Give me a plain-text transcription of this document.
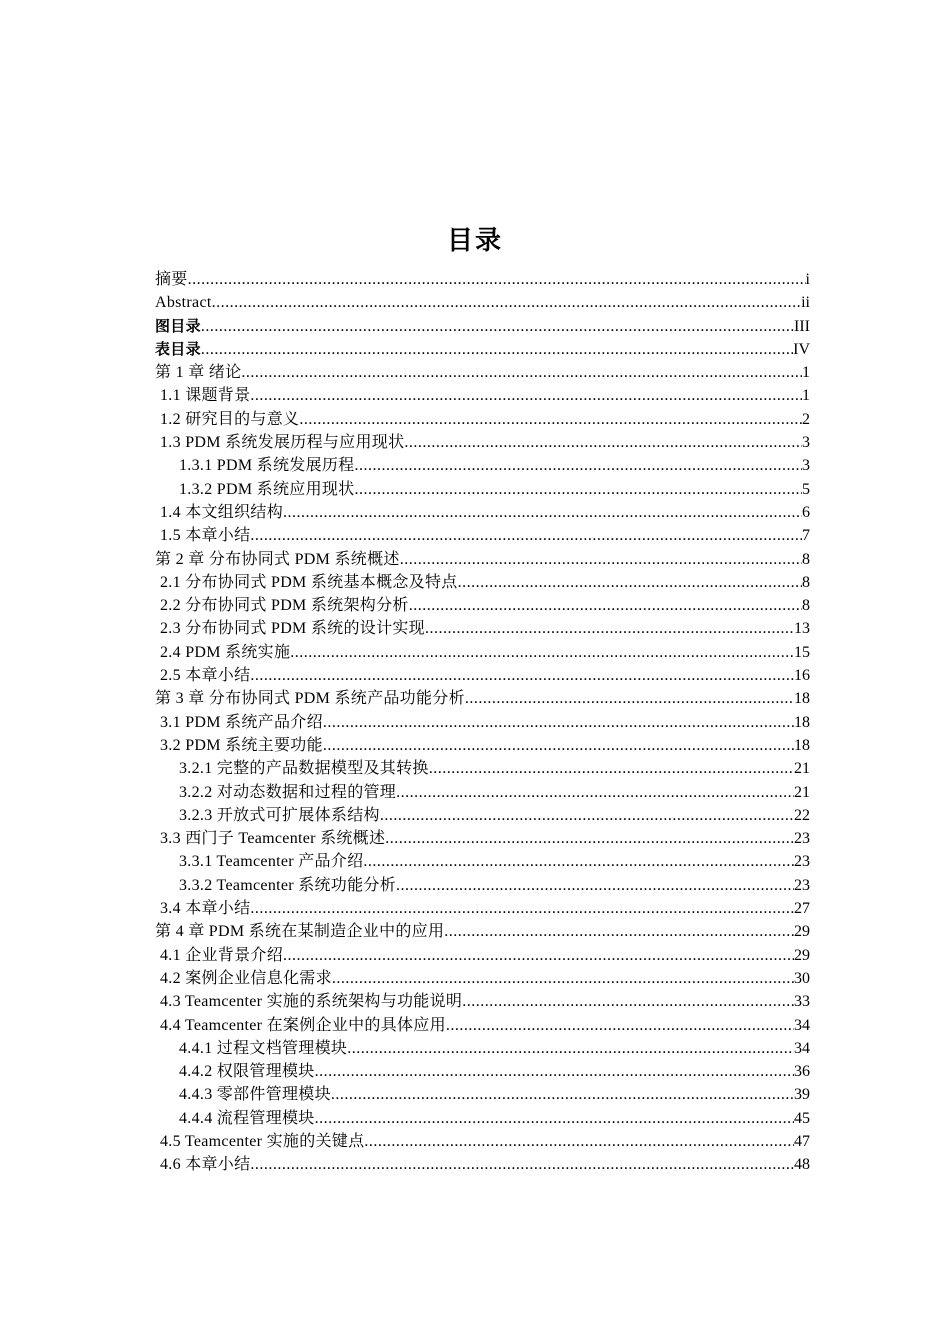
目录
摘要 .....	i
Abstract .....	ii
图目录 .....	III
表目录 .....	IV
第 1 章 绪论 .....	1
1.1 课题背景 .....	1
1.2 研究目的与意义 .....	2
1.3 PDM 系统发展历程与应用现状 .....	3
1.3.1 PDM 系统发展历程 .....	3
1.3.2 PDM 系统应用现状 .....	5
1.4 本文组织结构 .....	6
1.5 本章小结 .....	7
第 2 章 分布协同式 PDM 系统概述 .....	8
2.1 分布协同式 PDM 系统基本概念及特点 .....	8
2.2 分布协同式 PDM 系统架构分析 .....	8
2.3 分布协同式 PDM 系统的设计实现 .....	13
2.4 PDM 系统实施 .....	15
2.5 本章小结 .....	16
第 3 章 分布协同式 PDM 系统产品功能分析 .....	18
3.1 PDM 系统产品介绍 .....	18
3.2 PDM 系统主要功能 .....	18
3.2.1 完整的产品数据模型及其转换 .....	21
3.2.2 对动态数据和过程的管理 .....	21
3.2.3 开放式可扩展体系结构 .....	22
3.3 西门子 Teamcenter 系统概述 .....	23
3.3.1 Teamcenter 产品介绍 .....	23
3.3.2 Teamcenter 系统功能分析 .....	23
3.4 本章小结 .....	27
第 4 章 PDM 系统在某制造企业中的应用 .....	29
4.1 企业背景介绍 .....	29
4.2 案例企业信息化需求 .....	30
4.3 Teamcenter 实施的系统架构与功能说明 .....	33
4.4 Teamcenter 在案例企业中的具体应用 .....	34
4.4.1 过程文档管理模块 .....	34
4.4.2 权限管理模块 .....	36
4.4.3 零部件管理模块 .....	39
4.4.4 流程管理模块 .....	45
4.5 Teamcenter 实施的关键点 .....	47
4.6 本章小结 .....	48
